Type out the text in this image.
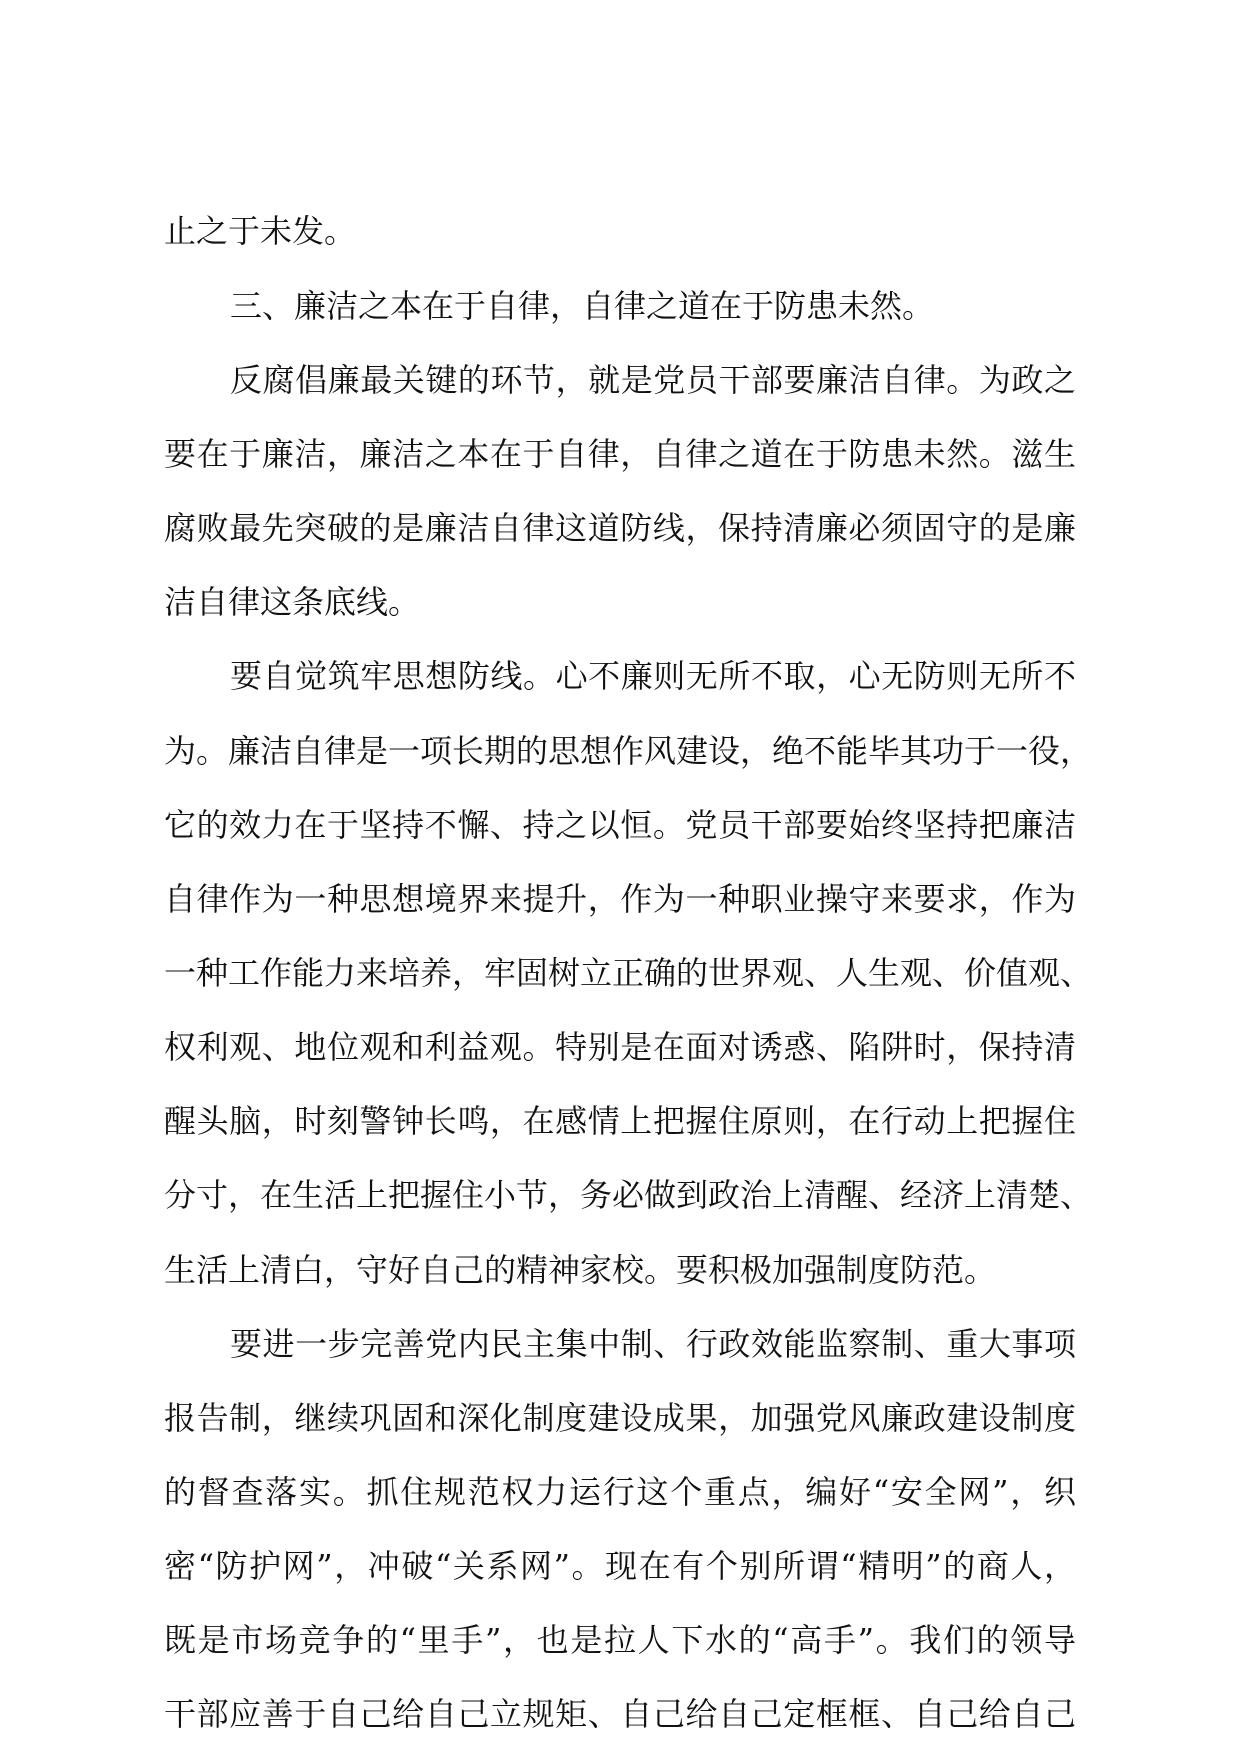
止之于未发。
三、廉洁之本在于自律，自律之道在于防患未然。
反腐倡廉最关键的环节，就是党员干部要廉洁自律。为政之
要在于廉洁，廉洁之本在于自律，自律之道在于防患未然。滋生
腐败最先突破的是廉洁自律这道防线，保持清廉必须固守的是廉
洁自律这条底线。
要自觉筑牢思想防线。心不廉则无所不取，心无防则无所不
为。廉洁自律是一项长期的思想作风建设，绝不能毕其功于一役，
它的效力在于坚持不懈、持之以恒。党员干部要始终坚持把廉洁
自律作为一种思想境界来提升，作为一种职业操守来要求，作为
一种工作能力来培养，牢固树立正确的世界观、人生观、价值观、
权利观、地位观和利益观。特别是在面对诱惑、陷阱时，保持清
醒头脑，时刻警钟长鸣，在感情上把握住原则，在行动上把握住
分寸，在生活上把握住小节，务必做到政治上清醒、经济上清楚、
生活上清白，守好自己的精神家校。要积极加强制度防范。
要进一步完善党内民主集中制、行政效能监察制、重大事项
报告制，继续巩固和深化制度建设成果，加强党风廉政建设制度
的督查落实。抓住规范权力运行这个重点，编好“安全网”，织
密“防护网”，冲破“关系网”。现在有个别所谓“精明”的商人，
既是市场竞争的“里手”，也是拉人下水的“高手”。我们的领导
干部应善于自己给自己立规矩、自己给自己定框框、自己给自己
